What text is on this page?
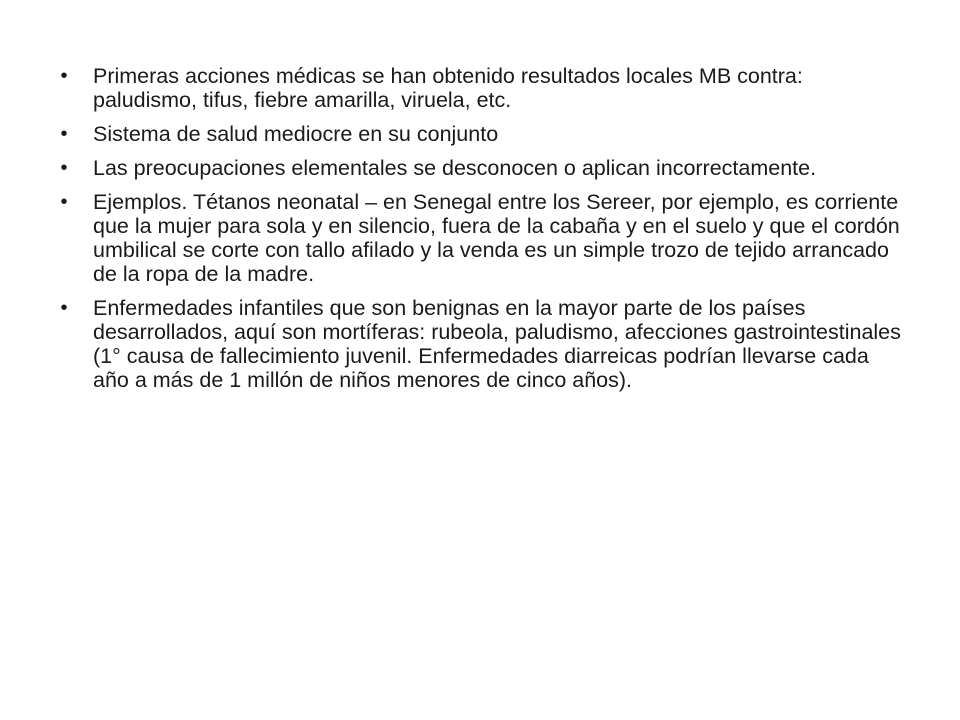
• Primeras acciones médicas se han obtenido resultados locales MB contra: paludismo, tifus, fiebre amarilla, viruela, etc.
• Sistema de salud mediocre en su conjunto
• Las preocupaciones elementales se desconocen o aplican incorrectamente.
• Ejemplos. Tétanos neonatal – en Senegal entre los Sereer, por ejemplo, es corriente que la mujer para sola y en silencio, fuera de la cabaña y en el suelo y que el cordón umbilical se corte con tallo afilado y la venda es un simple trozo de tejido arrancado de la ropa de la madre.
• Enfermedades infantiles que son benignas en la mayor parte de los países desarrollados, aquí son mortíferas: rubeola, paludismo, afecciones gastrointestinales (1° causa de fallecimiento juvenil. Enfermedades diarreicas podrían llevarse cada año a más de 1 millón de niños menores de cinco años).
